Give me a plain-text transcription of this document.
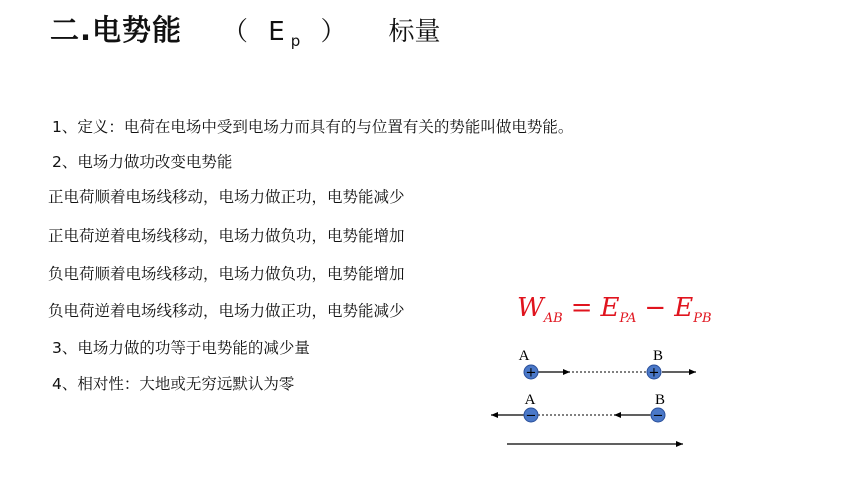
二.电势能 （ $E_p$ ） 标量
1、定义：电荷在电场中受到电场力而具有的与位置有关的势能叫做电势能。
2、电场力做功改变电势能
正电荷顺着电场线移动，电场力做正功，电势能减少
正电荷逆着电场线移动，电场力做负功，电势能增加
负电荷顺着电场线移动，电场力做负功，电势能增加
负电荷逆着电场线移动，电场力做正功，电势能减少
3、电场力做的功等于电势能的减少量
4、相对性：大地或无穷远默认为零
$W_{AB} = E_{PA} - E_{PB}$
A	B
+	+
A	B
−	−
